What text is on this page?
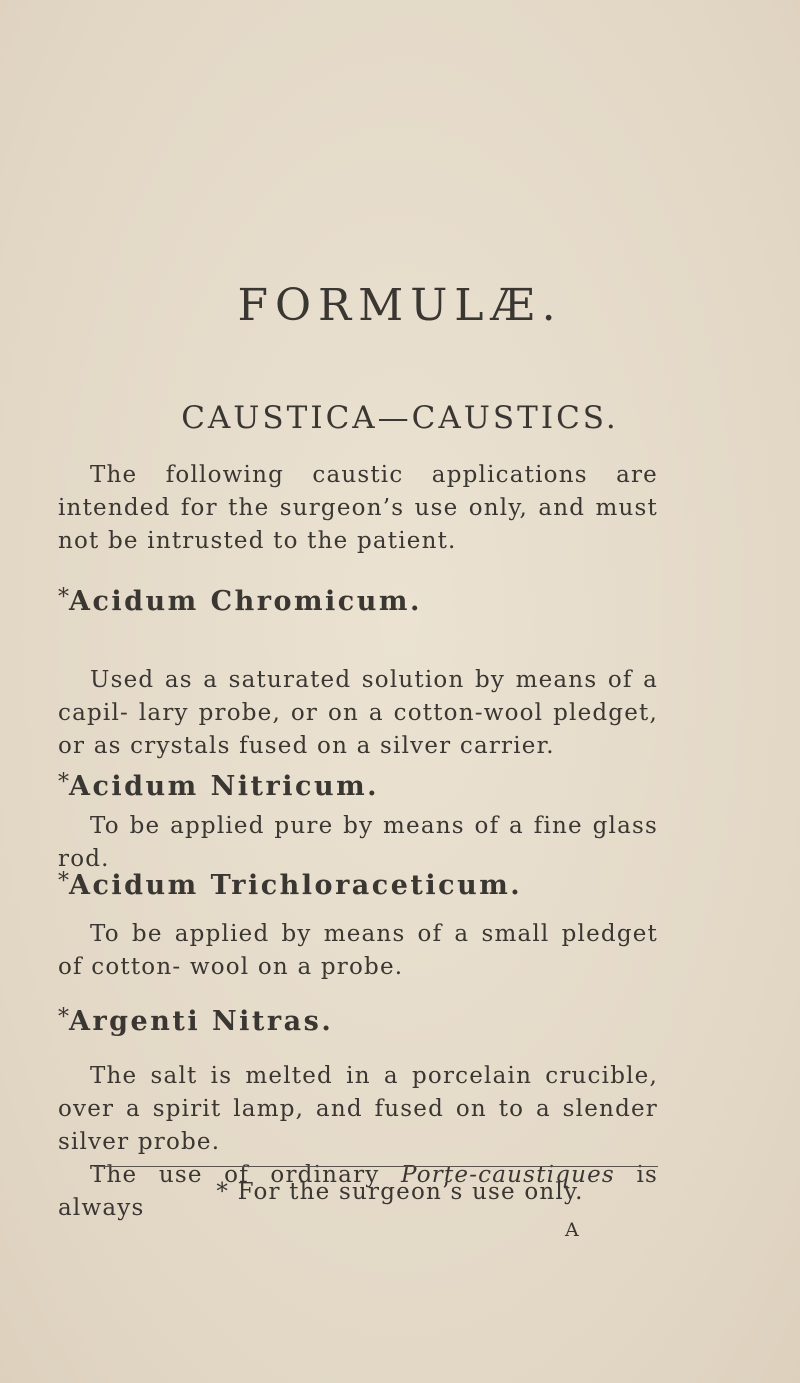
FORMULÆ.
CAUSTICA—CAUSTICS.

The following caustic applications are intended for the surgeon’s use only, and must not be intrusted to the patient.

*Acidum Chromicum.

Used as a saturated solution by means of a capil- lary probe, or on a cotton-wool pledget, or as crystals fused on a silver carrier.

*Acidum Nitricum.

To be applied pure by means of a fine glass rod.

*Acidum Trichloraceticum.

To be applied by means of a small pledget of cotton- wool on a probe.

*Argenti Nitras.

The salt is melted in a porcelain crucible, over a spirit lamp, and fused on to a slender silver probe.
The use of ordinary Porte-caustiques is always

* For the surgeon’s use only.

A
